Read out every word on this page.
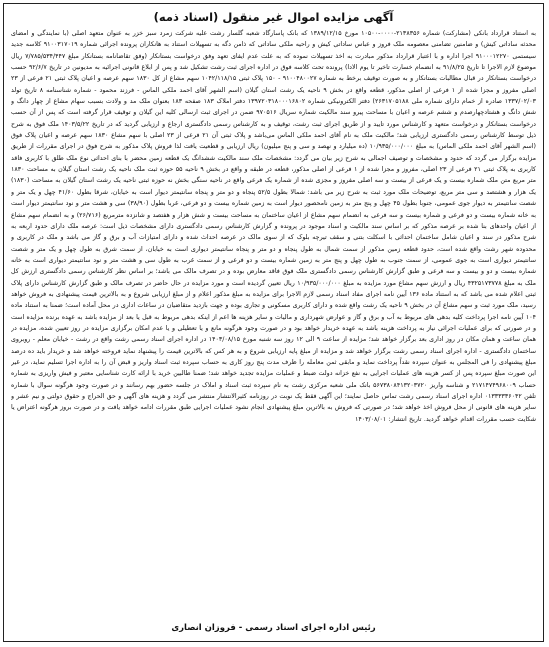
آگهی مزایده اموال غیر منقول (اسناد ذمه)
به استناد قرارداد بانکی (مشارکت) شماره ۲۱۳۸۳۵۶-۰۰۰۰-۱۰۵۰۰ مورخ ۱۳۸۹/۱۲/۱۵ که بانک پاسارگاد شعبه گلسار رشت علیه شرکت زمرد سبز خزر به عنوان متعهد اصلی (با نمایندگی و امضای محدثه ساداتی کیش) و ضامنین تضامنی معصومه ملک فروز و عباس ساداتی کیش و راحیه ملکی ساداتی که ذامن دگه به تسهیلات استناد به هانکاران پرونده اجرائی شماره ۹۱۰۰۳۱۷۰۱۹ کلاسه جدید سیستمی ۹۱۰۰۰۱۲۲۷۰ اجرا اداره و با اعتبار قرارداد مذکور مبادرت به اخذ تسهیلات نموده که به علت عدم ایفای تعهد وفق درخواست بستانکار (وفق تقاضانامه بستانکار مبلغ ۷/۷۸۵/۵۳۴/۴۴۷ ریال موضوع لازم الاجرا تا تاریخ ۹۱/۸/۲۵ به انضمام خسارت تاخیر تا یوم الادا) پرونده تحت کلاسه فوق در اداره اجرای ثبت رشت تشکیل شد و پس از ابلاغ قانونی اجرائیه به مدیونین در تاریخ ۹۲/۶/۷ حسب درخواست بستانکار در قبال مطالبات بستانکار و به صورت توقیف برخط به شماره ۹۱۰۰۴۸۰۰۲۷ - ۱۵۰ پلاک ثبتی ۱۰۴۲/۱۱۸/۱۵ سهم مشاع از کل ۱۸۳۰ سهم عرصه و اعیان پلاک ثبتی ۲۱ فرعی از ۲۳ اصلی مفروز و مجزا شده از ۱ فرعی از اصلی مذکور، قطعه واقع در بخش ۹ ناحیه یک رشت استان گیلان (اسم الشهر آقای احمد ملکی الماس - فرزند محمود - شماره شناسنامه ۸ تاریخ تولد ۱۳۳۷/۰۲/۰۳ صادره از خمام دارای شماره ملی ۲۶۳۱۷۰۵۱۸۸) دفتر الکترونیکی شماره ۱۳۹۷۲۰۳۱۸۰۰۰۱۶۸۰۲ دفتر املاک ۱۸۳ صفحه ۱۸۳ بعنوان ملک مد و ولادت بسبب سهام مشاع از چهار دانگ و شش دانگ و هشتادچهارصدم و ششم عرصه و اعیان با مساحت پیرو سند مالکیت شماره سریال ۹۷۰۵۱۶ ضمن در اجرای ثبت ارسالی کلیه این گیلان و توقیف قرار گرفته است که پس از آن حسب درخواست بستانکار و درخواست متعهد و کارشناس مورد تایید و از طریق اجرای ثبت رشت، توقیف و به کارشناس رسمی دادگستری ارجاع و ارزیابی گردید که در تاریخ ۱۴۰۳/۵/۲۲ ملک فوق به شرح ذیل توسط کارشناس رسمی دادگستری ارزیابی شد؛ مالکیت ملک به نام آقای احمد ملکی الماس می‌باشد و پلاک ثبتی آن ۲۱ فرعی از ۲۳ اصلی با سهم مشاع ۱۸۳۰ سهم عرصه و اعیان پلاک فوق (اسم الشهر آقای احمد ملکی الماس) به مبلغ ۱۰/۹۳۵/۰۰۰/۰۰۰ (ده میلیارد و نهصد و سی و پنج میلیون) ریال ارزیابی و قطعیت یافت لذا فروش پلاک مذکور به شرح فوق در اجرای مقررات از طریق مزایده برگزار می گردد که حدود و مشخصات و توصیف اجمالی به شرح زیر بیان می گردد: مشخصات ملک سند مالکیت ششدانگ یک قطعه زمین محضر با بنای احداثی نوع ملک طلق با کاربری فاقد کاربری به پلاک ثبتی ۲۱ فرعی از ۲۳ اصلی، مفروز و مجزا شده از ۱ فرعی از اصلی مذکور، قطعه در طبقه و واقع در بخش ۹ ناحیه ۵۵ حوزه ثبت ملک ناحیه یک رشت استان گیلان به مساحت ۱۸۳۰ متر مربع متن ملک شماره بیست و یک فرعی از بیست و سه اصلی مفروز و مجزی شده از شماره یک فرعی واقع در ناحیه سنگی بخش نه حوزه ثبتی ناحیه یک رشت استان گیلان به مساحت (۱۸۳۰) یک هزار و هشتصد و سی متر مربع، توضیحات ملک مورد ثبت به شرح زیر می باشد: شمالا بطول ۵۲/۵ پنجاه و دو متر و پنجاه سانتیمتر دیوار است به خیابان، شرقا بطول ۴۱/۶۰ چهل و یک متر و شصت سانتیمتر به دیوار جوی عمومی، جنوبا بطول ۴۵ چهل و پنج متر به زمین نامحصور دیوار است به زمین شماره بیست و دو فرعی، غربا بطول (۳۸/۹۰) سی و هشت متر و نود سانتیمتر دیوار است به خانه شماره بیست و دو فرعی و شماره بیست و سه فرعی به انضمام سهم مشاع از اعیان ساختمان به مساحت بیست و شش هزار و هفتصد و شانزده مترمربع (۲۶/۷۱۶) و به انضمام سهم مشاع از اعیان واحدهای بنا شده بر عرصه مذکور که بر اساس سند مالکیت و اسناد موجود در پرونده و گزارش کارشناس رسمی دادگستری دارای مشخصات ذیل است: عرصه ملک دارای حدود اربعه به شرح مذکور در سند و اعیان شامل ساختمان احداثی با اسکلت بتنی و سقف تیرچه بلوک که از سوی مالک در عرصه احداث شده و دارای امتیازات آب و برق و گاز می باشد و ملک در کاربری و محدوده شهر رشت واقع شده است، حدود قطعه زمین مذکور از سمت شمال به طول پنجاه و دو متر و پنجاه سانتیمتر دیواری است به خیابان، از سمت شرق به طول چهل و یک متر و شصت سانتیمتر دیواری است به جوی عمومی، از سمت جنوب به طول چهل و پنج متر به زمین شماره بیست و دو فرعی و از سمت غرب به طول سی و هشت متر و نود سانتیمتر دیواری است به خانه شماره بیست و دو و بیست و سه فرعی و طبق گزارش کارشناس رسمی دادگستری ملک فوق فاقد معارض بوده و در تصرف مالک می باشد؛ بر اساس نظر کارشناس رسمی دادگستری ارزش کل ملک به مبلغ ۴۳۲۵۱۷۳۷۷۸ ریال و ارزش سهم مشاع مورد مزایده به مبلغ ۱۰/۹۳۵/۰۰۰/۰۰۰ ریال تعیین گردیده است و مورد مزایده در حال حاضر در تصرف مالک و طبق گزارش کارشناس دارای پلاک ثبتی اعلام شده می باشد که به استناد ماده ۱۳۶ آیین نامه اجرای مفاد اسناد رسمی لازم الاجرا برای مزایده به مبلغ مذکور اعلام و از مبلغ ارزیابی شروع و به بالاترین قیمت پیشنهادی به فروش خواهد رسید، ملک مورد ثبت و سهم مشاع آن در بخش ۹ ناحیه یک رشت واقع شده و دارای کاربری مسکونی و تجاری بوده و جهت بازدید متقاضیان در ساعات اداری در محل آماده است؛ ضمنا به استناد ماده ۱۰۴ آیین نامه اجرا پرداخت کلیه بدهی های مربوط به آب و برق و گاز و عوارض شهرداری و مالیات و سایر هزینه ها اعم از اینکه بدهی مربوط به قبل یا بعد از مزایده باشد به عهده برنده مزایده است و در صورتی که برای عملیات اجرائی نیاز به پرداخت هزینه باشد به عهده خریدار خواهد بود و در صورت وجود هرگونه مانع و یا تعطیلی و یا عدم امکان برگزاری مزایده در روز تعیین شده، مزایده در همان ساعت و همان مکان در روز اداری بعد برگزار خواهد شد؛ مزایده از ساعت ۹ الی ۱۲ روز سه شنبه مورخ ۱۴۰۳/۰۸/۱۵ در اداره اجرای اسناد رسمی رشت واقع در رشت - خیابان معلم - روبروی ساختمان دادگستری - اداره اجرای اسناد رسمی رشت برگزار خواهد شد و مزایده از مبلغ پایه ارزیابی شروع و به هر کس که بالاترین قیمت را پیشنهاد نماید فروخته خواهد شد و خریدار باید ده درصد مبلغ پیشنهادی را فی المجلس به عنوان سپرده نقداً پرداخت نماید و مابقی ثمن معامله را ظرف مدت پنج روز کاری به حساب سپرده ثبت اسناد واریز و قبض آن را به اداره اجرا تسلیم نماید، در غیر این صورت مبلغ سپرده پس از کسر هزینه های عملیات اجرایی به نفع خزانه دولت ضبط و عملیات مزایده تجدید خواهد شد؛ ضمنا طالبین خرید با ارائه کارت شناسایی معتبر و فیش واریزی به شماره حساب ۲۱۷۱۴۷۴۹۶۸۰۰۹ و شناسه واریز ۵۶۷۳۸۰۸۴۱۳۲۰۳۷۲۰ بانک ملی شعبه مرکزی رشت به نام سپرده ثبت اسناد و املاک در جلسه حضور بهم رسانند و در صورت وجود هرگونه سوال با شماره تلفن ۰۱۳۳۳۳۳۶۰۴۲ اداره اجرای اسناد رسمی رشت تماس حاصل نمایند؛ این آگهی فقط یک نوبت در روزنامه کثیرالانتشار منتشر می گردد و هزینه های آگهی و حق الحراج و حقوق دولتی و نیم عشر و سایر هزینه های قانونی از محل فروش اخذ خواهد شد؛ در صورتی که فروش به بالاترین مبلغ پیشنهادی انجام نشود عملیات اجرایی طبق مقررات ادامه خواهد یافت و در صورت بروز هرگونه اعتراض یا شکایت حسب مقررات اقدام خواهد گردید. تاریخ انتشار: ۱۴۰۳/۰۸/۰۱
رئیس اداره اجرای اسناد رسمی - فروزان انصاری
